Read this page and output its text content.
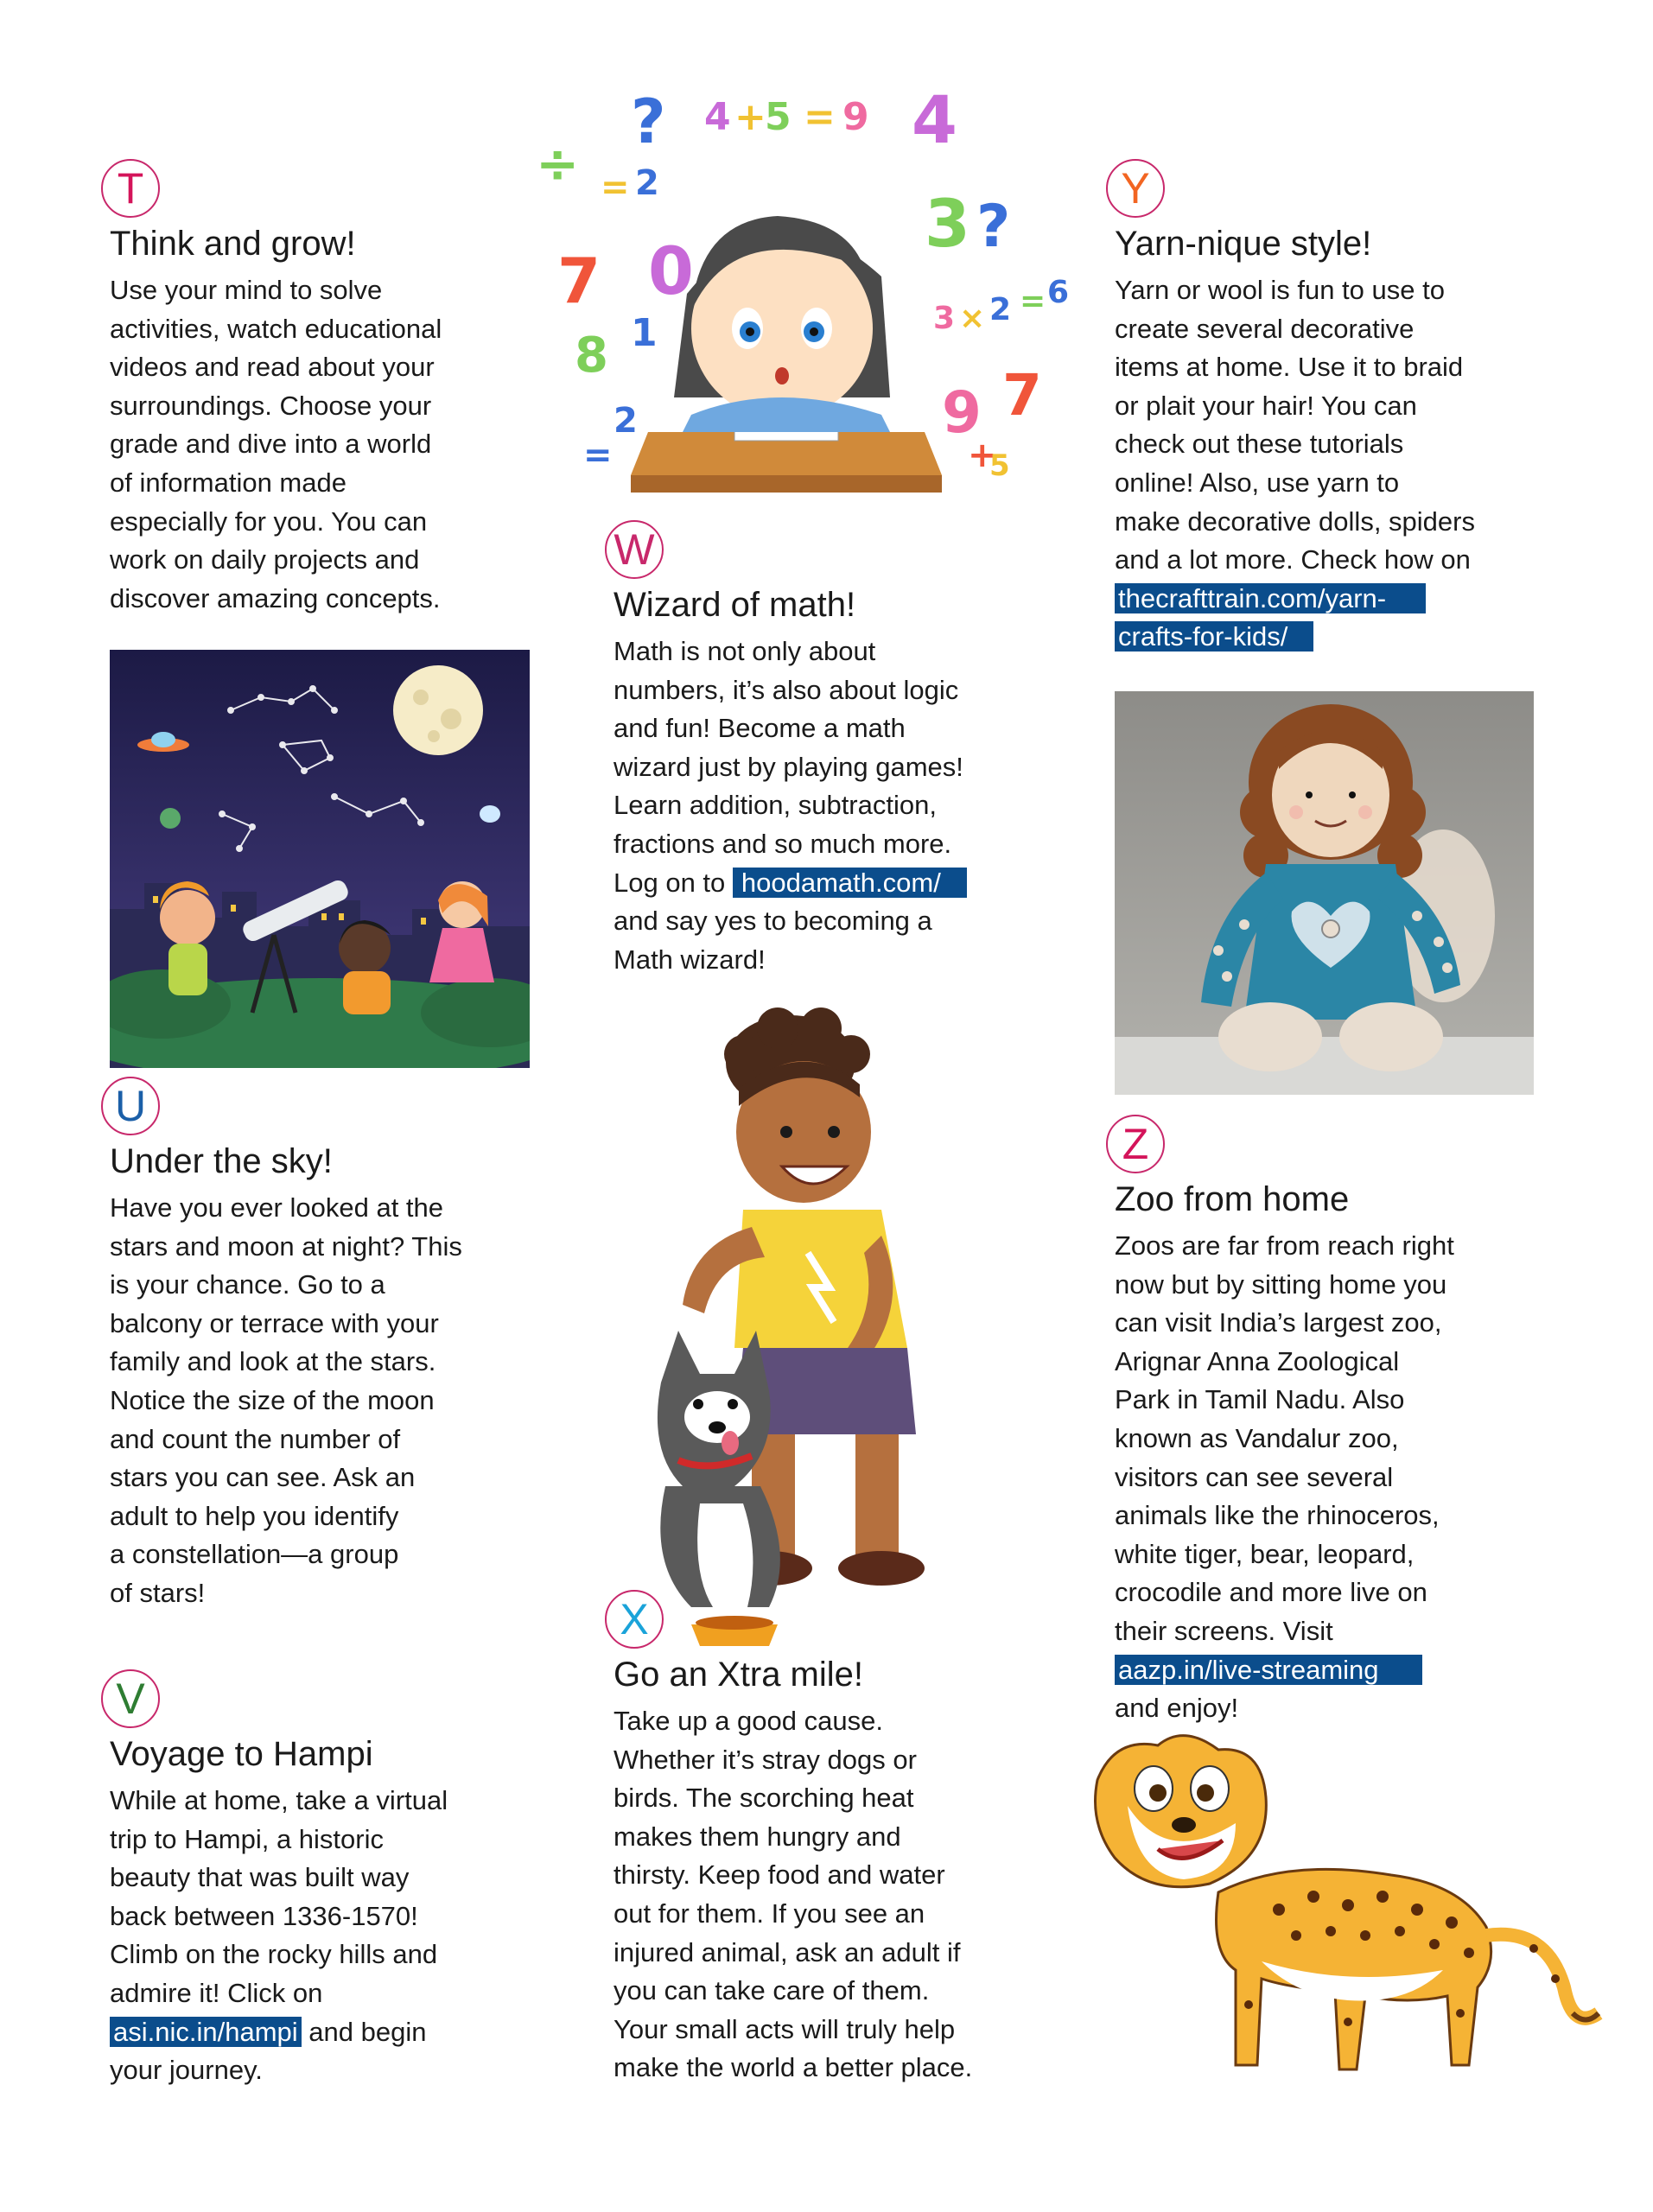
T
Think and grow!
Use your mind to solve
activities, watch educational
videos and read about your
surroundings. Choose your
grade and dive into a world
of information made
especially for you. You can
work on daily projects and
discover amazing concepts.
U
Under the sky!
Have you ever looked at the
stars and moon at night? This
is your chance. Go to a
balcony or terrace with your
family and look at the stars.
Notice the size of the moon
and count the number of
stars you can see. Ask an
adult to help you identify
a constellation—a group
of stars!
V
Voyage to Hampi
While at home, take a virtual
trip to Hampi, a historic
beauty that was built way
back between 1336-1570!
Climb on the rocky hills and
admire it! Click on
asi.nic.in/hampi and begin
your journey.
? 4 +
5 = 9 4
3 ?
÷ = 2
3 × 2 = 6
7
8 1
9
0
2	7
+
5
=
W
Wizard of math!
Math is not only about
numbers, it’s also about logic
and fun! Become a math
wizard just by playing games!
Learn addition, subtraction,
fractions and so much more.
Log on to hoodamath.com/
and say yes to becoming a
Math wizard!
X
Go an Xtra mile!
Take up a good cause.
Whether it’s stray dogs or
birds. The scorching heat
makes them hungry and
thirsty. Keep food and water
out for them. If you see an
injured animal, ask an adult if
you can take care of them.
Your small acts will truly help
make the world a better place.
Y
Yarn-nique style!
Yarn or wool is fun to use to
create several decorative
items at home. Use it to braid
or plait your hair! You can
check out these tutorials
online! Also, use yarn to
make decorative dolls, spiders
and a lot more. Check how on
thecrafttrain.com/yarn-
crafts-for-kids/
Z
Zoo from home
Zoos are far from reach right
now but by sitting home you
can visit India’s largest zoo,
Arignar Anna Zoological
Park in Tamil Nadu. Also
known as Vandalur zoo,
visitors can see several
animals like the rhinoceros,
white tiger, bear, leopard,
crocodile and more live on
their screens. Visit
aazp.in/live-streaming
and enjoy!
